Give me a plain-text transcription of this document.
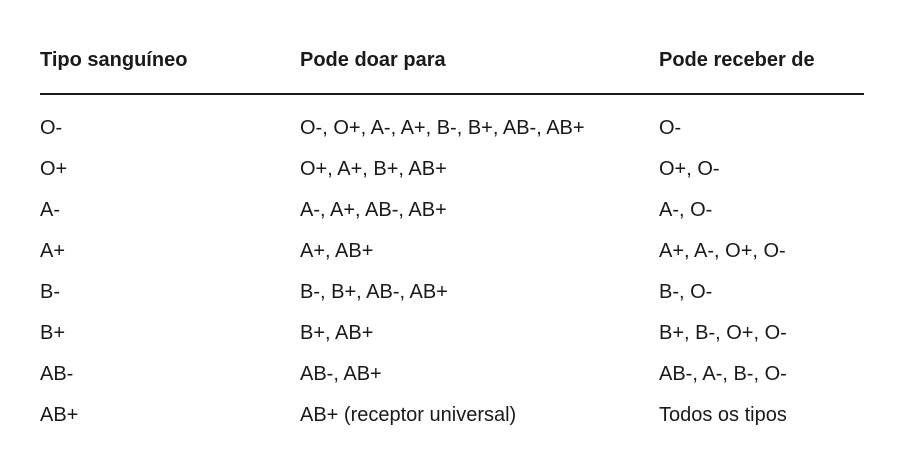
Tipo sanguíneo	Pode doar para	Pode receber de
O-	O-, O+, A-, A+, B-, B+, AB-, AB+	O-
O+	O+, A+, B+, AB+	O+, O-
A-	A-, A+, AB-, AB+	A-, O-
A+	A+, AB+	A+, A-, O+, O-
B-	B-, B+, AB-, AB+	B-, O-
B+	B+, AB+	B+, B-, O+, O-
AB-	AB-, AB+	AB-, A-, B-, O-
AB+	AB+ (receptor universal)	Todos os tipos
